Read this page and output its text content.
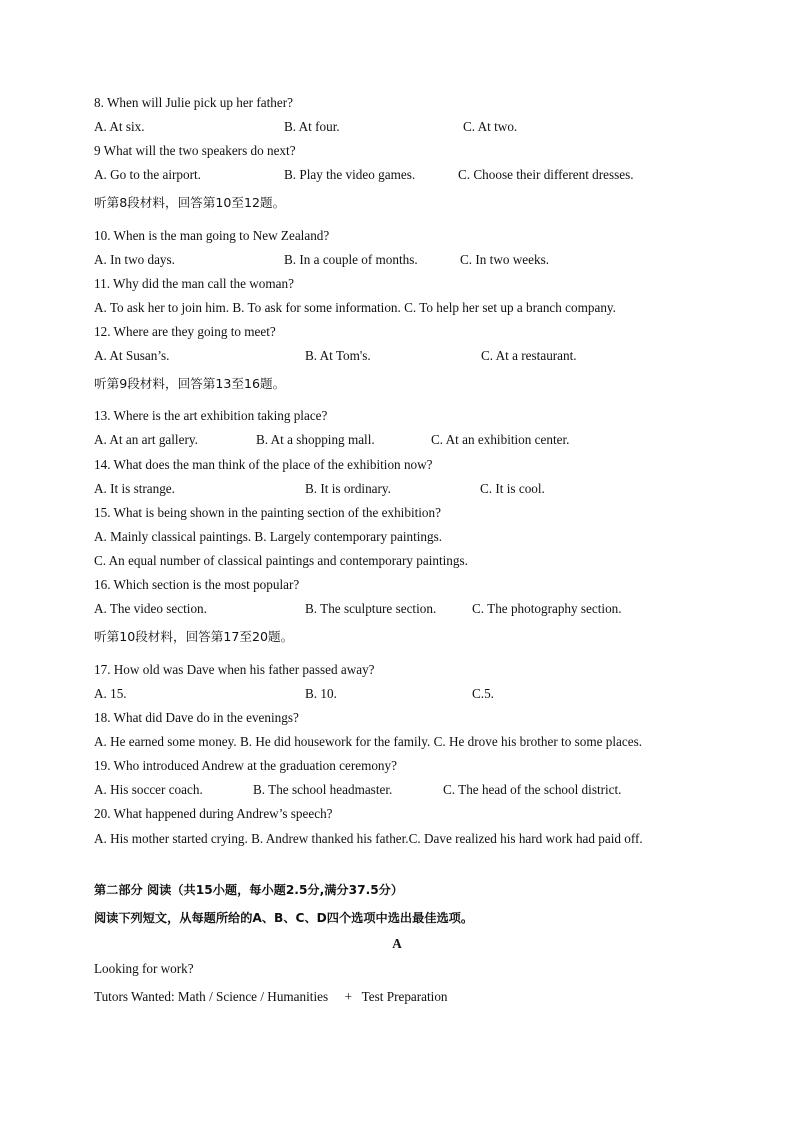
8. When will Julie pick up her father?
A. At six.	B. At four.	C. At two.
9 What will the two speakers do next?
A. Go to the airport.	B. Play the video games.	C. Choose their different dresses.
听第8段材料，回答第10至12题。
10. When is the man going to New Zealand?
A. In two days.	B. In a couple of months.	C. In two weeks.
11. Why did the man call the woman?
A. To ask her to join him. B. To ask for some information. C. To help her set up a branch company.
12. Where are they going to meet?
A. At Susan’s.	B. At Tom's.	C. At a restaurant.
听第9段材料，回答第13至16题。
13. Where is the art exhibition taking place?
A. At an art gallery.	B. At a shopping mall.	C. At an exhibition center.
14. What does the man think of the place of the exhibition now?
A. It is strange.	B. It is ordinary.	C. It is cool.
15. What is being shown in the painting section of the exhibition?
A. Mainly classical paintings. B. Largely contemporary paintings.
C. An equal number of classical paintings and contemporary paintings.
16. Which section is the most popular?
A. The video section.	B. The sculpture section.	C. The photography section.
听第10段材料，回答第17至20题。
17. How old was Dave when his father passed away?
A. 15.	B. 10.	C.5.
18. What did Dave do in the evenings?
A. He earned some money. B. He did housework for the family. C. He drove his brother to some places.
19. Who introduced Andrew at the graduation ceremony?
A. His soccer coach.	B. The school headmaster.	C. The head of the school district.
20. What happened during Andrew’s speech?
A. His mother started crying. B. Andrew thanked his father.C. Dave realized his hard work had paid off.
第二部分 阅读（共15小题，每小题2.5分,满分37.5分）
阅读下列短文，从每题所给的A、B、C、D四个选项中选出最佳选项。
A
Looking for work?
Tutors Wanted: Math / Science / Humanities     +   Test Preparation
